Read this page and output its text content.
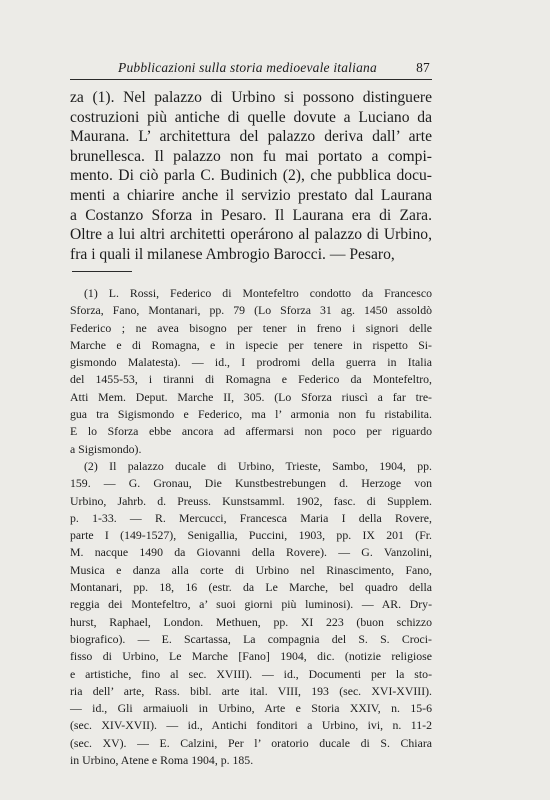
Pubblicazioni sulla storia medioevale italiana	87
za (1). Nel palazzo di Urbino si possono distinguere
costruzioni più antiche di quelle dovute a Luciano da
Maurana. L’ architettura del palazzo deriva dall’ arte
brunellesca. Il palazzo non fu mai portato a compi-
mento. Di ciò parla C. Budinich (2), che pubblica docu-
menti a chiarire anche il servizio prestato dal Laurana
a Costanzo Sforza in Pesaro. Il Laurana era di Zara.
Oltre a lui altri architetti operárono al palazzo di Urbino,
fra i quali il milanese Ambrogio Barocci. — Pesaro,
(1) L. Rossi, Federico di Montefeltro condotto da Francesco
Sforza, Fano, Montanari, pp. 79 (Lo Sforza 31 ag. 1450 assoldò
Federico ; ne avea bisogno per tener in freno i signori delle
Marche e di Romagna, e in ispecie per tenere in rispetto Si-
gismondo Malatesta). — id., I prodromi della guerra in Italia
del 1455-53, i tiranni di Romagna e Federico da Montefeltro,
Atti Mem. Deput. Marche II, 305. (Lo Sforza riuscì a far tre-
gua tra Sigismondo e Federico, ma l’ armonia non fu ristabilita.
E lo Sforza ebbe ancora ad affermarsi non poco per riguardo
a Sigismondo).
(2) Il palazzo ducale di Urbino, Trieste, Sambo, 1904, pp.
159. — G. Gronau, Die Kunstbestrebungen d. Herzoge von
Urbino, Jahrb. d. Preuss. Kunstsamml. 1902, fasc. di Supplem.
p. 1-33. — R. Mercucci, Francesca Maria I della Rovere,
parte I (149-1527), Senigallia, Puccini, 1903, pp. IX 201 (Fr.
M. nacque 1490 da Giovanni della Rovere). — G. Vanzolini,
Musica e danza alla corte di Urbino nel Rinascimento, Fano,
Montanari, pp. 18, 16 (estr. da Le Marche, bel quadro della
reggia dei Montefeltro, a’ suoi giorni più luminosi). — AR. Dry-
hurst, Raphael, London. Methuen, pp. XI 223 (buon schizzo
biografico). — E. Scartassa, La compagnia del S. S. Croci-
fisso di Urbino, Le Marche [Fano] 1904, dic. (notizie religiose
e artistiche, fino al sec. XVIII). — id., Documenti per la sto-
ria dell’ arte, Rass. bibl. arte ital. VIII, 193 (sec. XVI-XVIII).
— id., Gli armaiuoli in Urbino, Arte e Storia XXIV, n. 15-6
(sec. XIV-XVII). — id., Antichi fonditori a Urbino, ivi, n. 11-2
(sec. XV). — E. Calzini, Per l’ oratorio ducale di S. Chiara
in Urbino, Atene e Roma 1904, p. 185.
